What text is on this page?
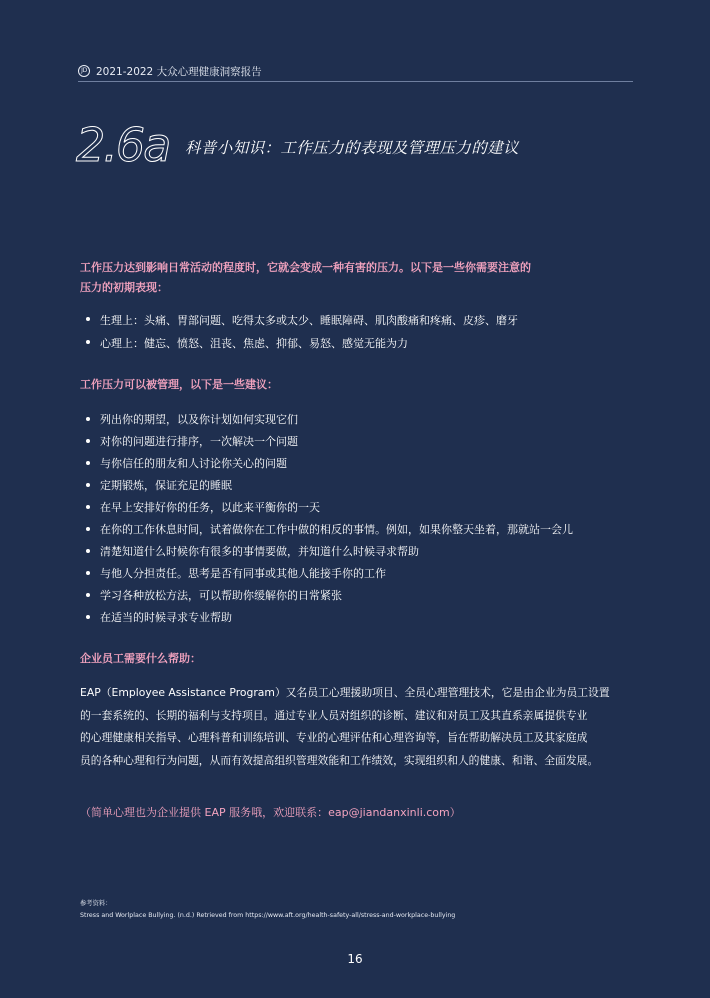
JD 2021-2022 大众心理健康洞察报告
2.6a 科普小知识：工作压力的表现及管理压力的建议
工作压力达到影响日常活动的程度时，它就会变成一种有害的压力。以下是一些你需要注意的
压力的初期表现：
生理上：头痛、胃部问题、吃得太多或太少、睡眠障碍、肌肉酸痛和疼痛、皮疹、磨牙
心理上：健忘、愤怒、沮丧、焦虑、抑郁、易怒、感觉无能为力
工作压力可以被管理，以下是一些建议：
列出你的期望，以及你计划如何实现它们
对你的问题进行排序，一次解决一个问题
与你信任的朋友和人讨论你关心的问题
定期锻炼，保证充足的睡眠
在早上安排好你的任务，以此来平衡你的一天
在你的工作休息时间，试着做你在工作中做的相反的事情。例如，如果你整天坐着，那就站一会儿
清楚知道什么时候你有很多的事情要做，并知道什么时候寻求帮助
与他人分担责任。思考是否有同事或其他人能接手你的工作
学习各种放松方法，可以帮助你缓解你的日常紧张
在适当的时候寻求专业帮助
企业员工需要什么帮助：
EAP（Employee Assistance Program）又名员工心理援助项目、全员心理管理技术，它是由企业为员工设置
的一套系统的、长期的福利与支持项目。通过专业人员对组织的诊断、建议和对员工及其直系亲属提供专业
的心理健康相关指导、心理科普和训练培训、专业的心理评估和心理咨询等，旨在帮助解决员工及其家庭成
员的各种心理和行为问题，从而有效提高组织管理效能和工作绩效，实现组织和人的健康、和谐、全面发展。
（简单心理也为企业提供 EAP 服务哦，欢迎联系：eap@jiandanxinli.com）
参考资料：
Stress and Worlplace Bullying. (n.d.) Retrieved from https://www.aft.org/health-safety-all/stress-and-workplace-bullying
16
